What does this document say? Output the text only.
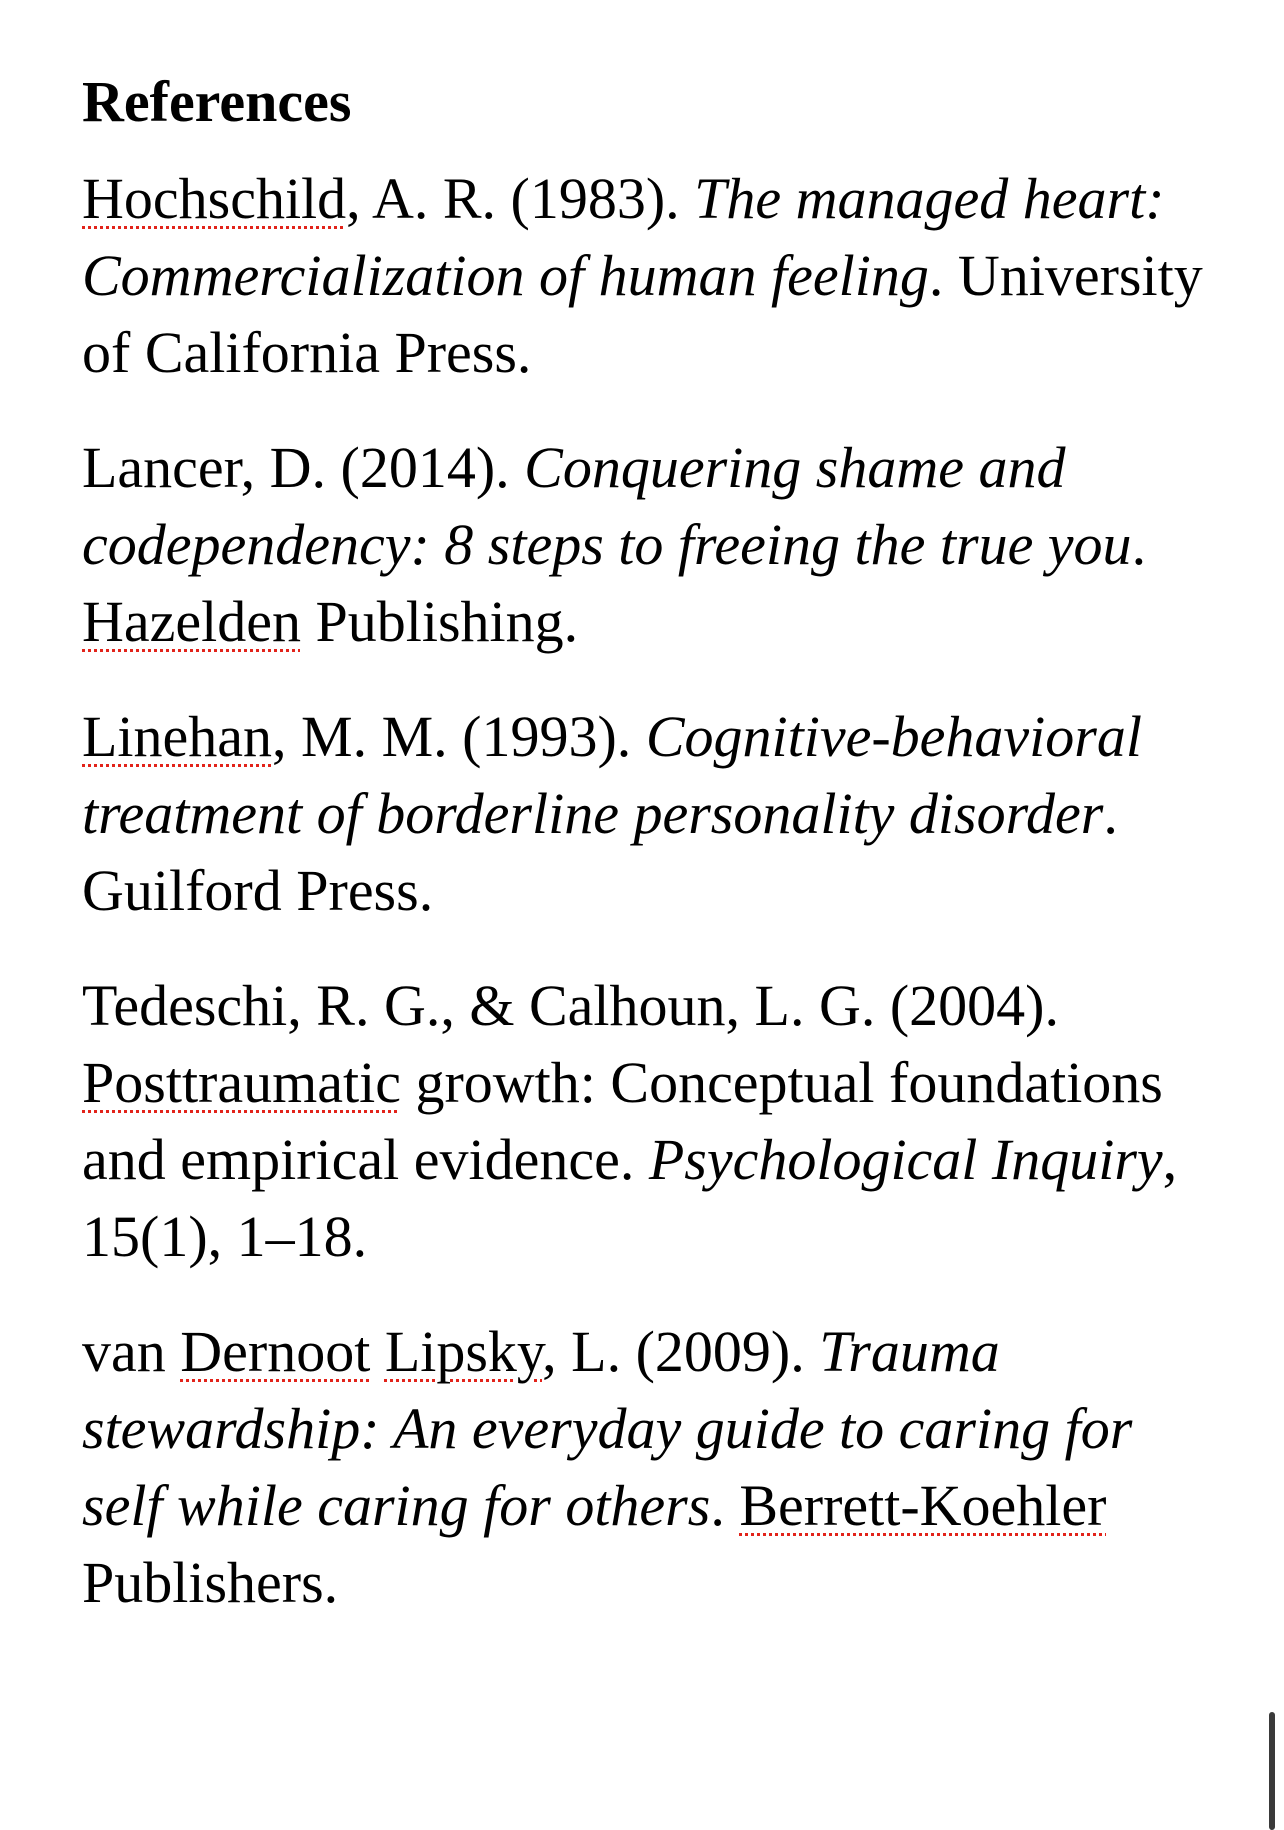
References

Hochschild, A. R. (1983). The managed heart: Commercialization of human feeling. University of California Press.

Lancer, D. (2014). Conquering shame and codependency: 8 steps to freeing the true you. Hazelden Publishing.

Linehan, M. M. (1993). Cognitive-behavioral treatment of borderline personality disorder. Guilford Press.

Tedeschi, R. G., & Calhoun, L. G. (2004). Posttraumatic growth: Conceptual foundations and empirical evidence. Psychological Inquiry, 15(1), 1–18.

van Dernoot Lipsky, L. (2009). Trauma stewardship: An everyday guide to caring for self while caring for others. Berrett-Koehler Publishers.
